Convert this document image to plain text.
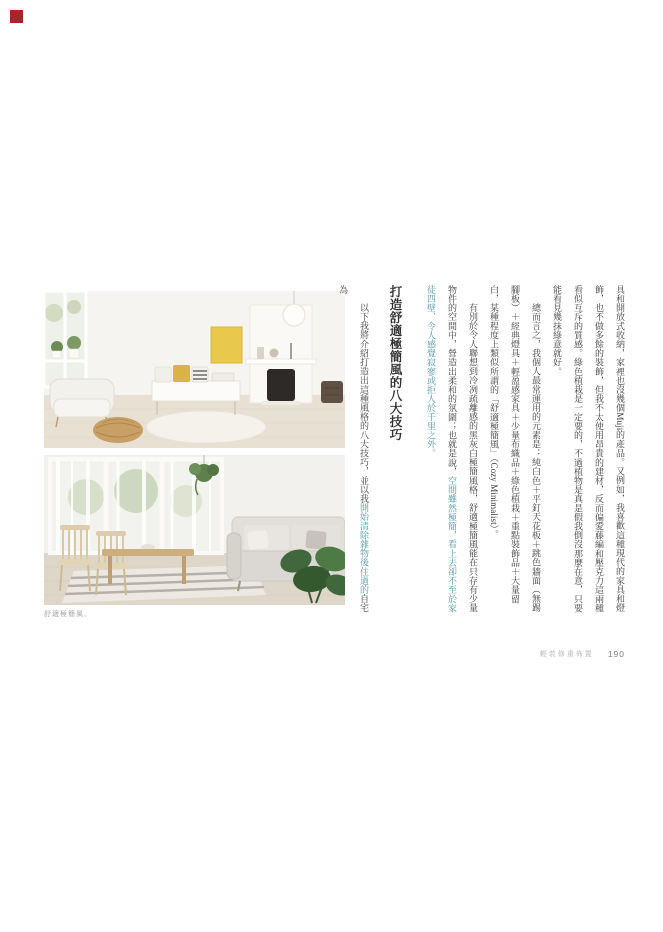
舒適極簡風。

具和開放式收納，家裡也沒幾個Muji的產品。又例如，我喜歡這種現代的家具和燈飾，也不做多餘的裝飾，但我不太使用昂貴的建材，反而偏愛藤編和壓克力這兩種看似互斥的質感。綠色植栽是一定要的，不過植物是真是假我倒沒那麼在意，只要能看見幾抹綠意就好。

總而言之，我個人最常運用的元素是：純白色＋平釘天花板＋跳色牆面（無踢腳板）＋經典燈具＋輕盈感家具＋少量布織品＋綠色植栽＋重點裝飾品＋大量留白，某種程度上類似所謂的「舒適極簡風」（Cozy Minimalist）。

有別於令人聯想到冷冽疏離感的黑灰白極簡風格，舒適極簡風能在只存有少量物件的空間中，營造出柔和的氛圍；也就是說，空間雖然極簡，看上去卻不至於家徒四壁、令人感覺寂寥或拒人於千里之外。

打造舒適極簡風的八大技巧

以下我將介紹打造出這種風格的八大技巧，並以我開始清除雜物後住過的自宅為

輕裝修重佈置 190
